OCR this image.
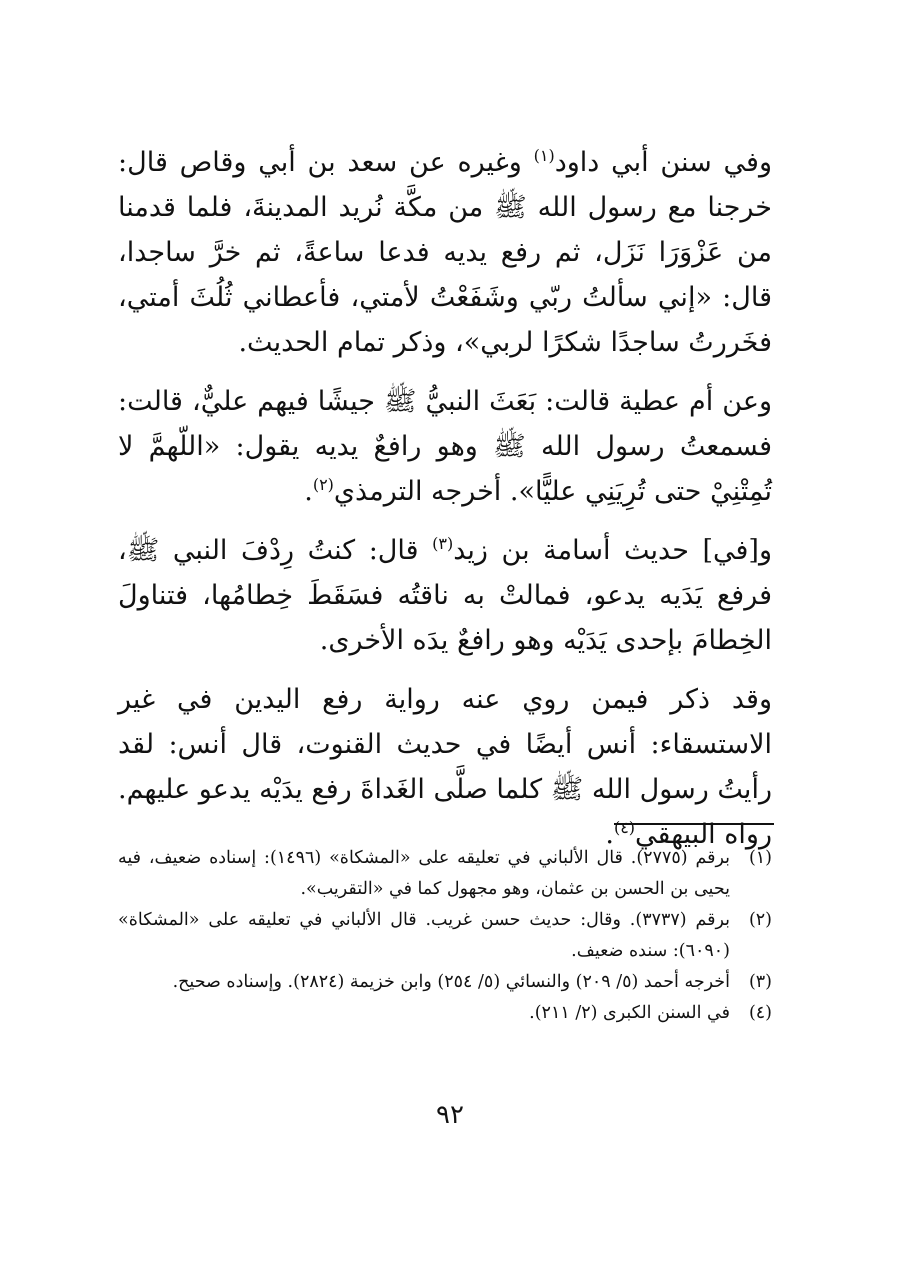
وفي سنن أبي داود$^{(١)}$ وغيره عن سعد بن أبي وقاص قال: خرجنا مع رسول الله ﷺ من مكَّة نُريد المدينةَ، فلما قدمنا من عَزْوَرَا نَزَل، ثم رفع يديه فدعا ساعةً، ثم خرَّ ساجدا، قال: «إني سألتُ ربّي وشَفَعْتُ لأمتي، فأعطاني ثُلُثَ أمتي، فخَررتُ ساجدًا شكرًا لربي»، وذكر تمام الحديث.

وعن أم عطية قالت: بَعَثَ النبيُّ ﷺ جيشًا فيهم عليٌّ، قالت: فسمعتُ رسول الله ﷺ وهو رافعٌ يديه يقول: «اللّهمَّ لا تُمِتْنِيْ حتى تُرِيَنِي عليًّا». أخرجه الترمذي$^{(٢)}$.

و[في] حديث أسامة بن زيد$^{(٣)}$ قال: كنتُ رِدْفَ النبي ﷺ، فرفع يَدَيه يدعو، فمالتْ به ناقتُه فسَقَطَ خِطامُها، فتناولَ الخِطامَ بإحدى يَدَيْه وهو رافعٌ يدَه الأخرى.

وقد ذكر فيمن روي عنه رواية رفع اليدين في غير الاستسقاء: أنس أيضًا في حديث القنوت، قال أنس: لقد رأيتُ رسول الله ﷺ كلما صلَّى الغَداةَ رفع يدَيْه يدعو عليهم. رواه البيهقي$^{(٤)}$.

(١)
برقم (٢٧٧٥). قال الألباني في تعليقه على «المشكاة» (١٤٩٦): إسناده ضعيف، فيه يحيى بن الحسن بن عثمان، وهو مجهول كما في «التقريب».

(٢)
برقم (٣٧٣٧). وقال: حديث حسن غريب. قال الألباني في تعليقه على «المشكاة» (٦٠٩٠): سنده ضعيف.

(٣)
أخرجه أحمد (٥/ ٢٠٩) والنسائي (٥/ ٢٥٤) وابن خزيمة (٢٨٢٤). وإسناده صحيح.

(٤)
في السنن الكبرى (٢/ ٢١١).

٩٢
